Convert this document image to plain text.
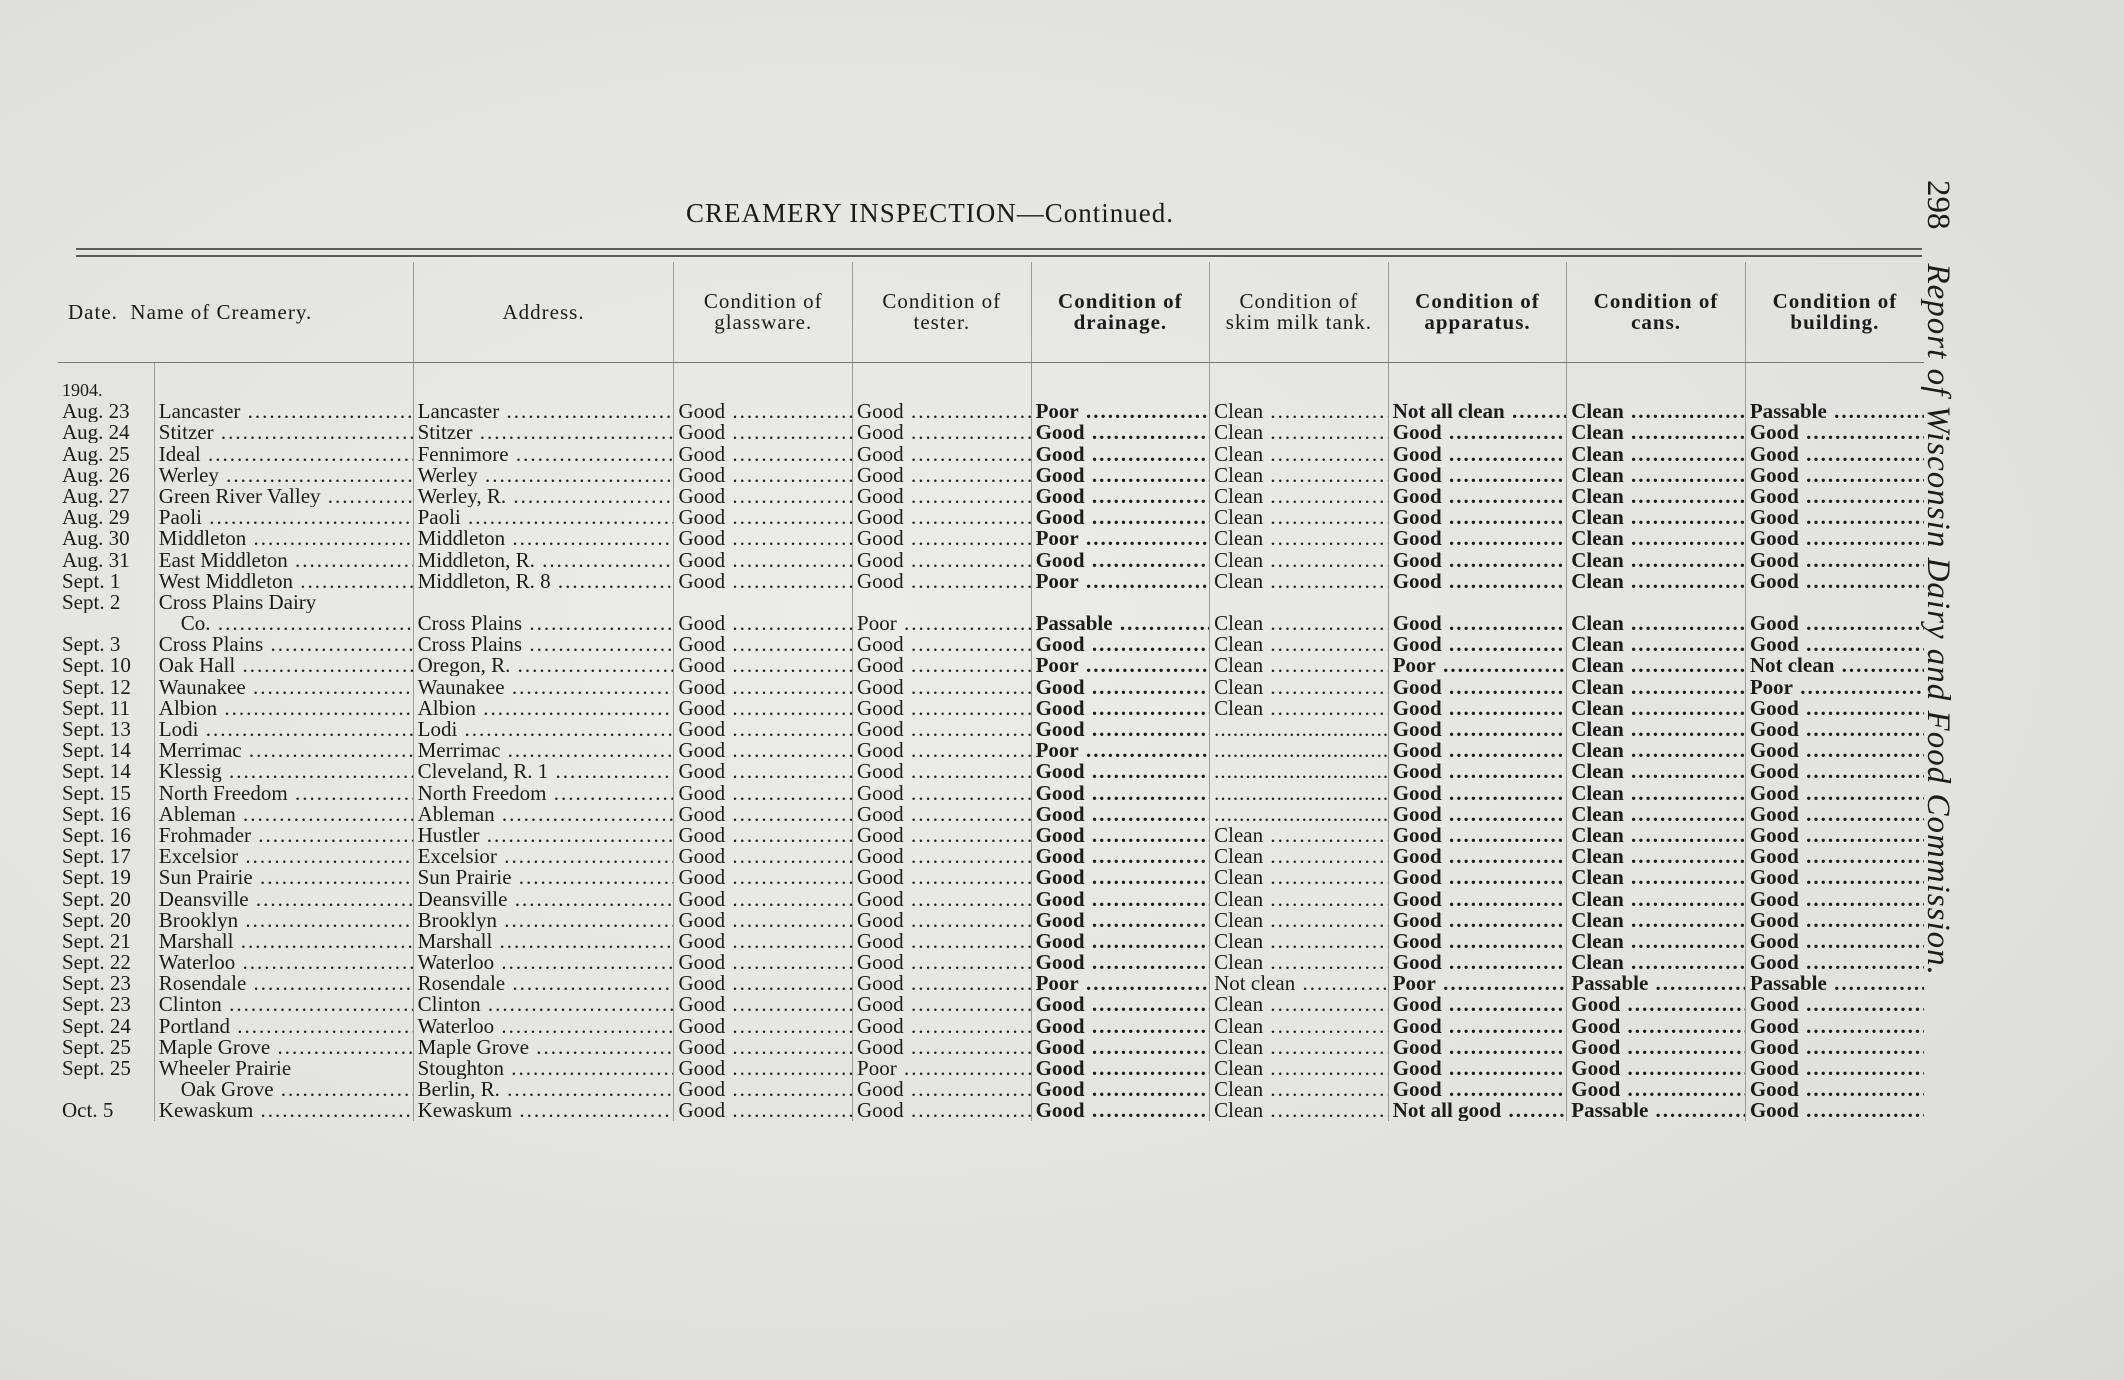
CREAMERY INSPECTION—Continued.	298Report of Wisconsin Dairy and Food Commission.
Date. Name of Creamery.		Address.	Condition of glassware.	Condition of tester.	Condition of drainage.	Condition of skim milk tank.	Condition of apparatus.	Condition of cans.	Condition of building.

1904.									
Aug. 23	Lancaster .....	Lancaster .....	Good .....	Good .....	Poor .....	Clean .....	Not all clean .....	Clean .....	Passable .....
Aug. 24	Stitzer .....	Stitzer .....	Good .....	Good .....	Good .....	Clean .....	Good .....	Clean .....	Good .....
Aug. 25	Ideal .....	Fennimore .....	Good .....	Good .....	Good .....	Clean .....	Good .....	Clean .....	Good .....
Aug. 26	Werley .....	Werley .....	Good .....	Good .....	Good .....	Clean .....	Good .....	Clean .....	Good .....
Aug. 27	Green River Valley .....	Werley, R. .....	Good .....	Good .....	Good .....	Clean .....	Good .....	Clean .....	Good .....
Aug. 29	Paoli .....	Paoli .....	Good .....	Good .....	Good .....	Clean .....	Good .....	Clean .....	Good .....
Aug. 30	Middleton .....	Middleton .....	Good .....	Good .....	Poor .....	Clean .....	Good .....	Clean .....	Good .....
Aug. 31	East Middleton .....	Middleton, R. .....	Good .....	Good .....	Good .....	Clean .....	Good .....	Clean .....	Good .....
Sept. 1	West Middleton .....	Middleton, R. 8 .....	Good .....	Good .....	Poor .....	Clean .....	Good .....	Clean .....	Good .....
Sept. 2	Cross Plains Dairy								
	Co. .....	Cross Plains .....	Good .....	Poor .....	Passable .....	Clean .....	Good .....	Clean .....	Good .....
Sept. 3	Cross Plains .....	Cross Plains .....	Good .....	Good .....	Good .....	Clean .....	Good .....	Clean .....	Good .....
Sept. 10	Oak Hall .....	Oregon, R. .....	Good .....	Good .....	Poor .....	Clean .....	Poor .....	Clean .....	Not clean .....
Sept. 12	Waunakee .....	Waunakee .....	Good .....	Good .....	Good .....	Clean .....	Good .....	Clean .....	Poor .....
Sept. 11	Albion .....	Albion .....	Good .....	Good .....	Good .....	Clean .....	Good .....	Clean .....	Good .....
Sept. 13	Lodi .....	Lodi .....	Good .....	Good .....	Good .....	.....	Good .....	Clean .....	Good .....
Sept. 14	Merrimac .....	Merrimac .....	Good .....	Good .....	Poor .....	.....	Good .....	Clean .....	Good .....
Sept. 14	Klessig .....	Cleveland, R. 1 .....	Good .....	Good .....	Good .....	.....	Good .....	Clean .....	Good .....
Sept. 15	North Freedom .....	North Freedom .....	Good .....	Good .....	Good .....	.....	Good .....	Clean .....	Good .....
Sept. 16	Ableman .....	Ableman .....	Good .....	Good .....	Good .....	.....	Good .....	Clean .....	Good .....
Sept. 16	Frohmader .....	Hustler .....	Good .....	Good .....	Good .....	Clean .....	Good .....	Clean .....	Good .....
Sept. 17	Excelsior .....	Excelsior .....	Good .....	Good .....	Good .....	Clean .....	Good .....	Clean .....	Good .....
Sept. 19	Sun Prairie .....	Sun Prairie .....	Good .....	Good .....	Good .....	Clean .....	Good .....	Clean .....	Good .....
Sept. 20	Deansville .....	Deansville .....	Good .....	Good .....	Good .....	Clean .....	Good .....	Clean .....	Good .....
Sept. 20	Brooklyn .....	Brooklyn .....	Good .....	Good .....	Good .....	Clean .....	Good .....	Clean .....	Good .....
Sept. 21	Marshall .....	Marshall .....	Good .....	Good .....	Good .....	Clean .....	Good .....	Clean .....	Good .....
Sept. 22	Waterloo .....	Waterloo .....	Good .....	Good .....	Good .....	Clean .....	Good .....	Clean .....	Good .....
Sept. 23	Rosendale .....	Rosendale .....	Good .....	Good .....	Poor .....	Not clean .....	Poor .....	Passable .....	Passable .....
Sept. 23	Clinton .....	Clinton .....	Good .....	Good .....	Good .....	Clean .....	Good .....	Good .....	Good .....
Sept. 24	Portland .....	Waterloo .....	Good .....	Good .....	Good .....	Clean .....	Good .....	Good .....	Good .....
Sept. 25	Maple Grove .....	Maple Grove .....	Good .....	Good .....	Good .....	Clean .....	Good .....	Good .....	Good .....
Sept. 25	Wheeler Prairie	Stoughton .....	Good .....	Poor .....	Good .....	Clean .....	Good .....	Good .....	Good .....
	Oak Grove .....	Berlin, R. .....	Good .....	Good .....	Good .....	Clean .....	Good .....	Good .....	Good .....
Oct. 5	Kewaskum .....	Kewaskum .....	Good .....	Good .....	Good .....	Clean .....	Not all good .....	Passable .....	Good .....
